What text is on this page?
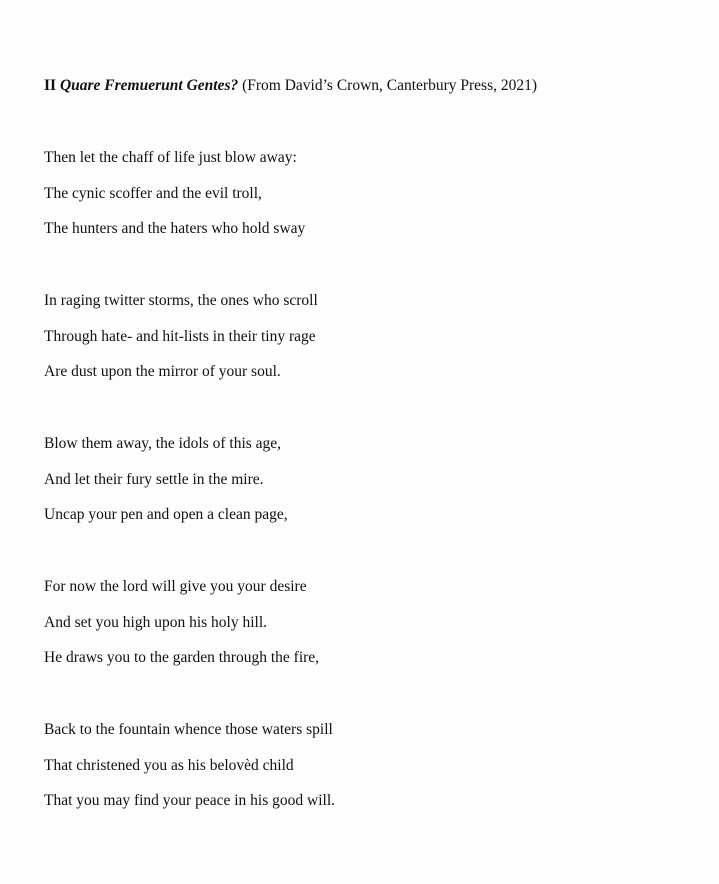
II Quare Fremuerunt Gentes? (From David’s Crown, Canterbury Press, 2021)
Then let the chaff of life just blow away:
The cynic scoffer and the evil troll,
The hunters and the haters who hold sway
In raging twitter storms, the ones who scroll
Through hate- and hit-lists in their tiny rage
Are dust upon the mirror of your soul.
Blow them away, the idols of this age,
And let their fury settle in the mire.
Uncap your pen and open a clean page,
For now the lord will give you your desire
And set you high upon his holy hill.
He draws you to the garden through the fire,
Back to the fountain whence those waters spill
That christened you as his belovèd child
That you may find your peace in his good will.
